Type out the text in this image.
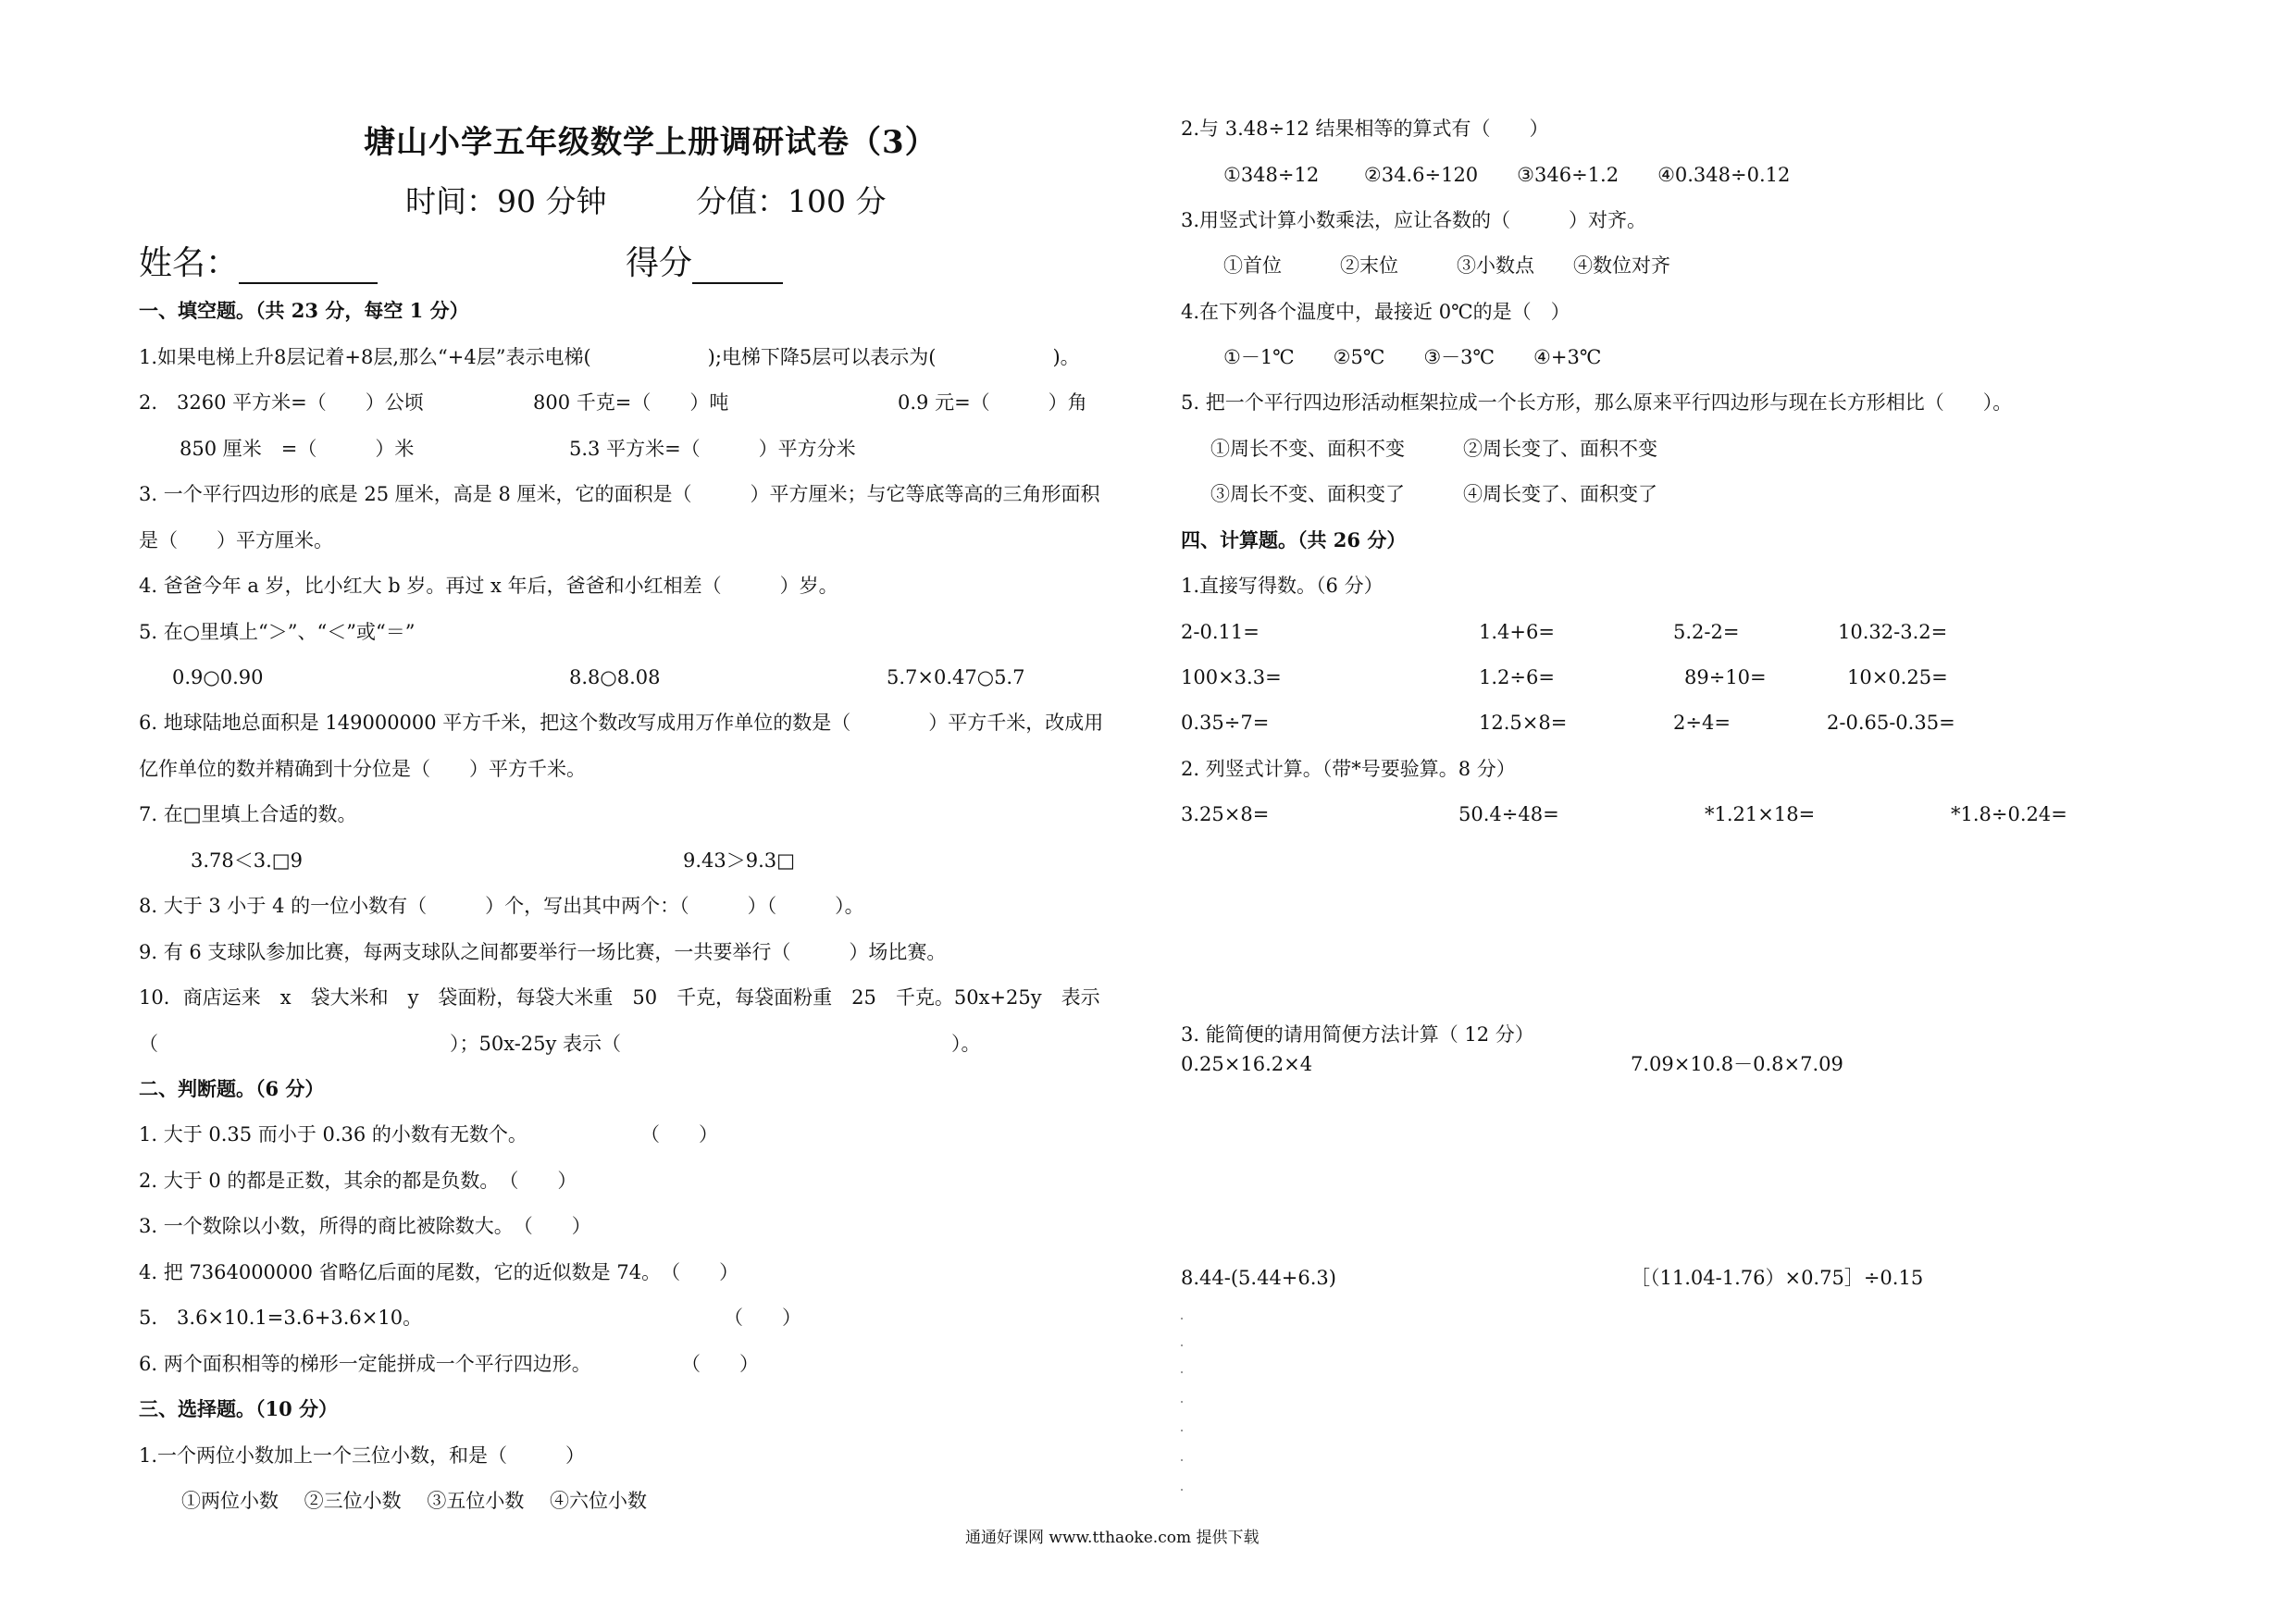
塘山小学五年级数学上册调研试卷（3）
时间：90 分钟	分值：100 分
姓名：	得分
一、填空题。（共 23 分，每空 1 分）
1.如果电梯上升8层记着+8层,那么“+4层”表示电梯(　　　　　　);电梯下降5层可以表示为(　　　　　　)。
2.　3260 平方米=（　　）公顷	800 千克=（　　）吨	0.9 元=（　　　）角
850 厘米　=（　　　）米	5.3 平方米=（　　　）平方分米
3. 一个平行四边形的底是 25 厘米，高是 8 厘米，它的面积是（　　　）平方厘米；与它等底等高的三角形面积
是（　　）平方厘米。
4. 爸爸今年 a 岁，比小红大 b 岁。再过 x 年后，爸爸和小红相差（　　　）岁。
5. 在○里填上“＞”、“＜”或“＝”
0.9○0.90	8.8○8.08	5.7×0.47○5.7
6. 地球陆地总面积是 149000000 平方千米，把这个数改写成用万作单位的数是（　　　　）平方千米，改成用
亿作单位的数并精确到十分位是（　　）平方千米。
7. 在□里填上合适的数。
3.78＜3.□9	9.43＞9.3□
8. 大于 3 小于 4 的一位小数有（　　　）个，写出其中两个：（　　　）（　　　）。
9. 有 6 支球队参加比赛，每两支球队之间都要举行一场比赛，一共要举行（　　　）场比赛。
10．商店运来　x　袋大米和　y　袋面粉，每袋大米重　50　千克，每袋面粉重　25　千克。50x+25y　表示
（　　　　　　　　　　　　　　　）；50x-25y 表示（　　　　　　　　　　　　　　　　　）。
二、判断题。（6 分）
1. 大于 0.35 而小于 0.36 的小数有无数个。	（　　）
2. 大于 0 的都是正数，其余的都是负数。　（　　）
3. 一个数除以小数，所得的商比被除数大。　（　　）
4. 把 7364000000 省略亿后面的尾数，它的近似数是 74。　（　　）
5.　3.6×10.1=3.6+3.6×10。	（　　）
6. 两个面积相等的梯形一定能拼成一个平行四边形。	（　　）
三、选择题。（10 分）
1.一个两位小数加上一个三位小数，和是（　　　）
①两位小数　 ②三位小数　 ③五位小数　 ④六位小数
2.与 3.48÷12 结果相等的算式有（　　）
①348÷12　　 ②34.6÷120　　③346÷1.2　　④0.348÷0.12
3.用竖式计算小数乘法，应让各数的（　　　）对齐。
①首位　　　②末位　　　③小数点　　④数位对齐
4.在下列各个温度中，最接近 0℃的是（　）
①－1℃　　②5℃　　③－3℃　　④+3℃
5. 把一个平行四边形活动框架拉成一个长方形，那么原来平行四边形与现在长方形相比（　　）。
①周长不变、面积不变　　　②周长变了、面积不变
③周长不变、面积变了　　　④周长变了、面积变了
四、计算题。（共 26 分）
1.直接写得数。（6 分）
2-0.11=	1.4+6=	5.2-2=	10.32-3.2=
100×3.3=	1.2÷6=	89÷10=	10×0.25=
0.35÷7=	12.5×8=	2÷4=	2-0.65-0.35=
2. 列竖式计算。（带*号要验算。8 分）
3.25×8=	50.4÷48=	*1.21×18=	*1.8÷0.24=
3. 能简便的请用简便方法计算（ 12 分）
0.25×16.2×4	7.09×10.8－0.8×7.09
8.44-(5.44+6.3)	［（11.04-1.76）×0.75］÷0.15
通通好课网 www.tthaoke.com 提供下载
